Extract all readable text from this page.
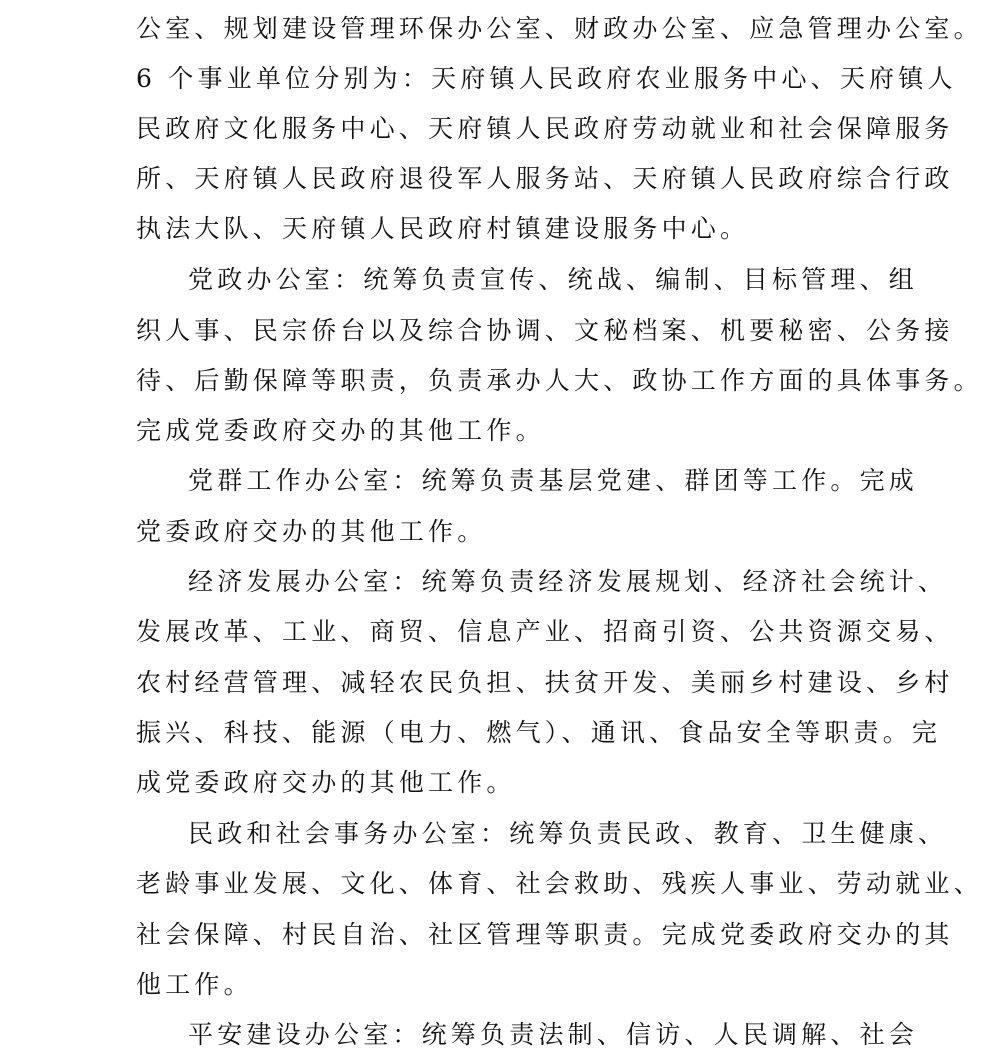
公室、规划建设管理环保办公室、财政办公室、应急管理办公室。
6 个事业单位分别为：天府镇人民政府农业服务中心、天府镇人
民政府文化服务中心、天府镇人民政府劳动就业和社会保障服务
所、天府镇人民政府退役军人服务站、天府镇人民政府综合行政
执法大队、天府镇人民政府村镇建设服务中心。
党政办公室：统筹负责宣传、统战、编制、目标管理、组
织人事、民宗侨台以及综合协调、文秘档案、机要秘密、公务接
待、后勤保障等职责，负责承办人大、政协工作方面的具体事务。
完成党委政府交办的其他工作。
党群工作办公室：统筹负责基层党建、群团等工作。完成
党委政府交办的其他工作。
经济发展办公室：统筹负责经济发展规划、经济社会统计、
发展改革、工业、商贸、信息产业、招商引资、公共资源交易、
农村经营管理、减轻农民负担、扶贫开发、美丽乡村建设、乡村
振兴、科技、能源（电力、燃气）、通讯、食品安全等职责。完
成党委政府交办的其他工作。
民政和社会事务办公室：统筹负责民政、教育、卫生健康、
老龄事业发展、文化、体育、社会救助、残疾人事业、劳动就业、
社会保障、村民自治、社区管理等职责。完成党委政府交办的其
他工作。
平安建设办公室：统筹负责法制、信访、人民调解、社会
